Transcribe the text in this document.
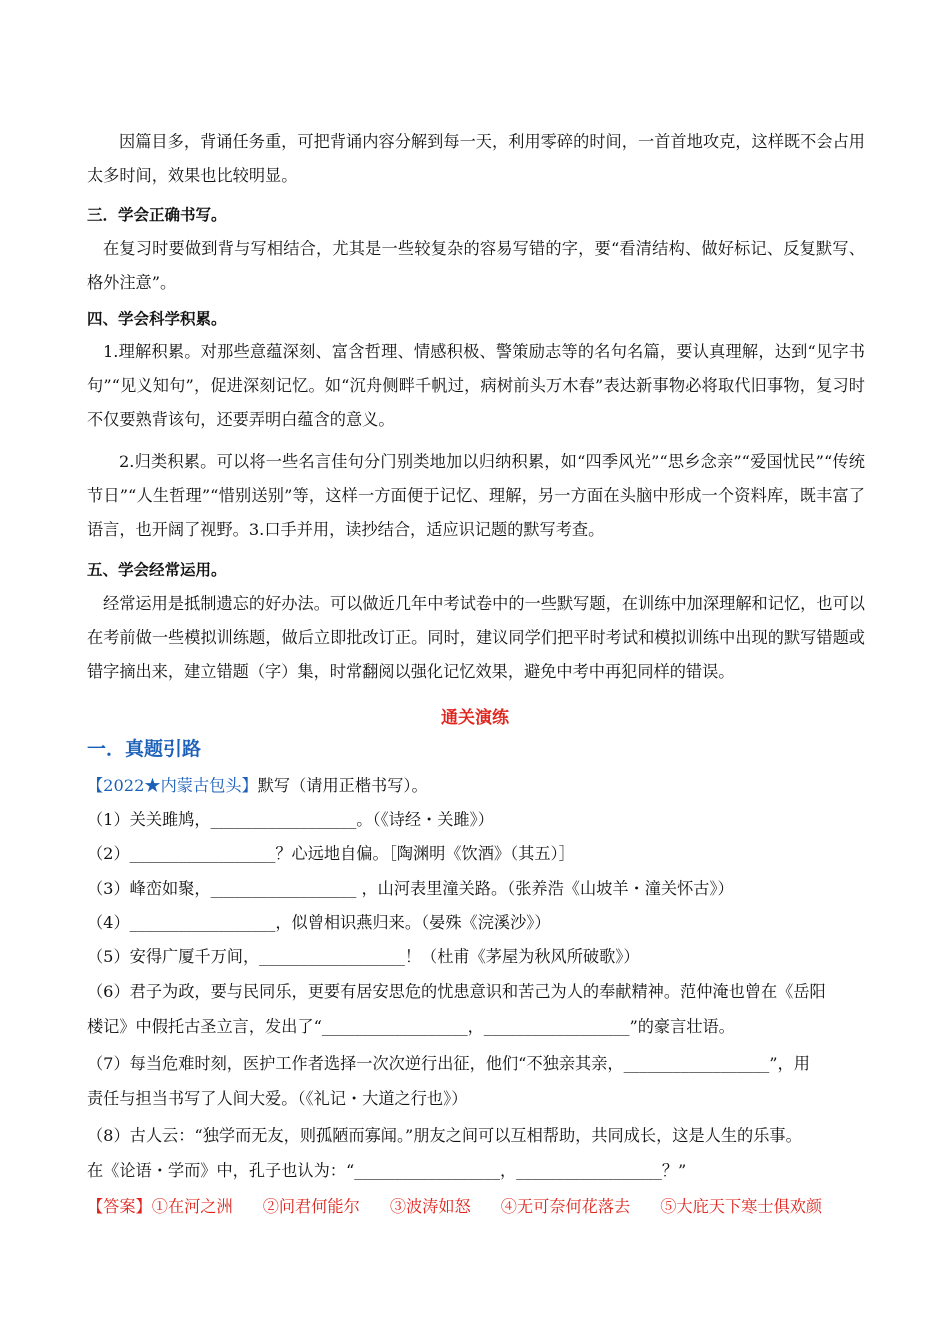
因篇目多，背诵任务重，可把背诵内容分解到每一天，利用零碎的时间，一首首地攻克，这样既不会占用太多时间，效果也比较明显。
三．学会正确书写。
在复习时要做到背与写相结合，尤其是一些较复杂的容易写错的字，要“看清结构、做好标记、反复默写、格外注意”。
四、学会科学积累。
1.理解积累。对那些意蕴深刻、富含哲理、情感积极、警策励志等的名句名篇，要认真理解，达到“见字书句”“见义知句”，促进深刻记忆。如“沉舟侧畔千帆过，病树前头万木春”表达新事物必将取代旧事物，复习时不仅要熟背该句，还要弄明白蕴含的意义。
2.归类积累。可以将一些名言佳句分门别类地加以归纳积累，如“四季风光”“思乡念亲”“爱国忧民”“传统节日”“人生哲理”“惜别送别”等，这样一方面便于记忆、理解，另一方面在头脑中形成一个资料库，既丰富了语言，也开阔了视野。3.口手并用，读抄结合，适应识记题的默写考查。
五、学会经常运用。
经常运用是抵制遗忘的好办法。可以做近几年中考试卷中的一些默写题，在训练中加深理解和记忆，也可以在考前做一些模拟训练题，做后立即批改订正。同时，建议同学们把平时考试和模拟训练中出现的默写错题或错字摘出来，建立错题（字）集，时常翻阅以强化记忆效果，避免中考中再犯同样的错误。
通关演练
一．真题引路
【2022★内蒙古包头】默写（请用正楷书写）。
（1）关关雎鸠，__________________。（《诗经・关雎》）
（2）__________________？心远地自偏。［陶渊明《饮酒》（其五）］
（3）峰峦如聚，__________________ ，山河表里潼关路。（张养浩《山坡羊・潼关怀古》）
（4）__________________，似曾相识燕归来。（晏殊《浣溪沙》）
（5）安得广厦千万间，__________________！（杜甫《茅屋为秋风所破歌》）
（6）君子为政，要与民同乐，更要有居安思危的忧患意识和苦己为人的奉献精神。范仲淹也曾在《岳阳
楼记》中假托古圣立言，发出了“__________________，__________________”的豪言壮语。
（7）每当危难时刻，医护工作者选择一次次逆行出征，他们“不独亲其亲，__________________”，用
责任与担当书写了人间大爱。（《礼记・大道之行也》）
（8）古人云：“独学而无友，则孤陋而寡闻。”朋友之间可以互相帮助，共同成长，这是人生的乐事。
在《论语・学而》中，孔子也认为：“__________________，__________________？”
【答案】①在河之洲 ②问君何能尔 ③波涛如怒 ④无可奈何花落去 ⑤大庇天下寒士俱欢颜
